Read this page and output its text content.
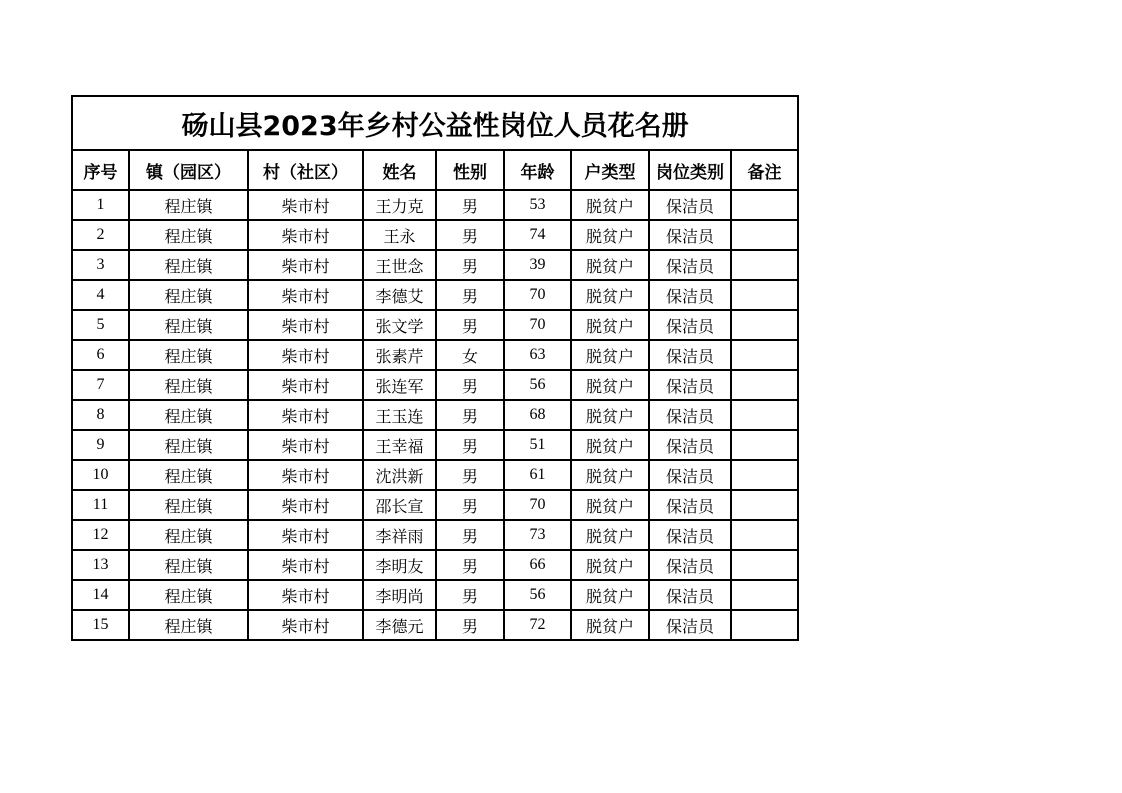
砀山县2023年乡村公益性岗位人员花名册								
序号	镇（园区）	村（社区）	姓名	性别	年龄	户类型	岗位类别	备注
1	程庄镇	柴市村	王力克	男	53	脱贫户	保洁员	
2	程庄镇	柴市村	王永	男	74	脱贫户	保洁员	
3	程庄镇	柴市村	王世念	男	39	脱贫户	保洁员	
4	程庄镇	柴市村	李德艾	男	70	脱贫户	保洁员	
5	程庄镇	柴市村	张文学	男	70	脱贫户	保洁员	
6	程庄镇	柴市村	张素芹	女	63	脱贫户	保洁员	
7	程庄镇	柴市村	张连军	男	56	脱贫户	保洁员	
8	程庄镇	柴市村	王玉连	男	68	脱贫户	保洁员	
9	程庄镇	柴市村	王幸福	男	51	脱贫户	保洁员	
10	程庄镇	柴市村	沈洪新	男	61	脱贫户	保洁员	
11	程庄镇	柴市村	邵长宣	男	70	脱贫户	保洁员	
12	程庄镇	柴市村	李祥雨	男	73	脱贫户	保洁员	
13	程庄镇	柴市村	李明友	男	66	脱贫户	保洁员	
14	程庄镇	柴市村	李明尚	男	56	脱贫户	保洁员	
15	程庄镇	柴市村	李德元	男	72	脱贫户	保洁员	
